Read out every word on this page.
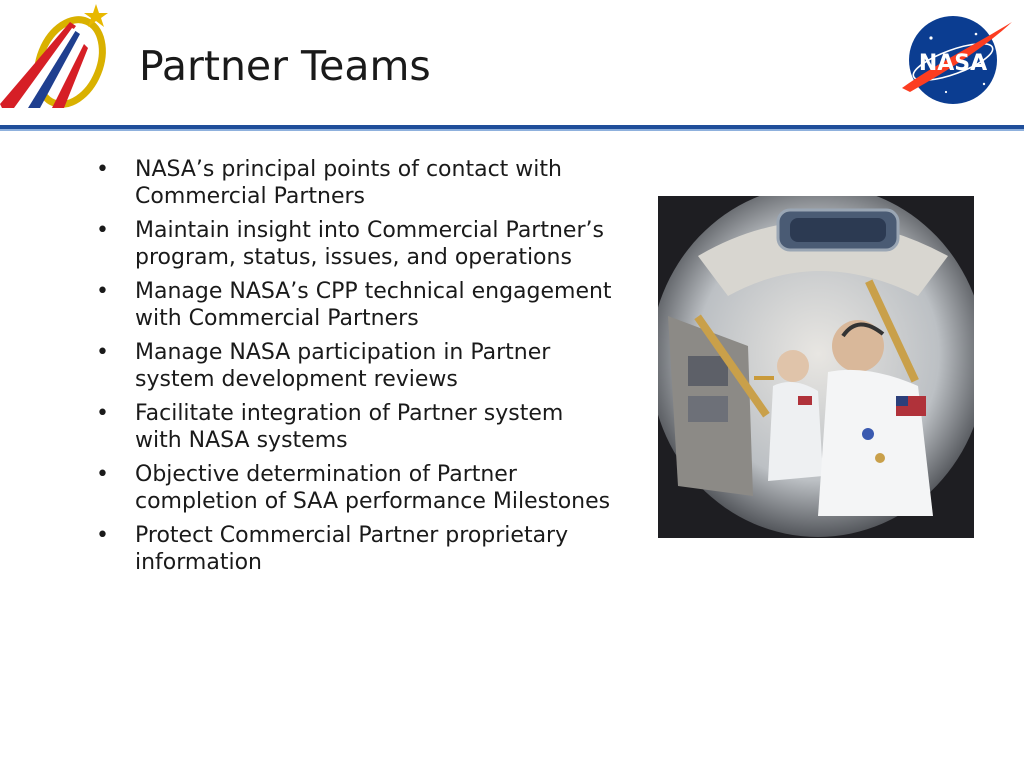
Partner Teams	NASA
• NASA’s principal points of contact with Commercial Partners
• Maintain insight into Commercial Partner’s program, status, issues, and operations
• Manage NASA’s CPP technical engagement with Commercial Partners
• Manage NASA participation in Partner system development reviews
• Facilitate integration of Partner system with NASA systems
• Objective determination of Partner completion of SAA performance Milestones
• Protect Commercial Partner proprietary information
